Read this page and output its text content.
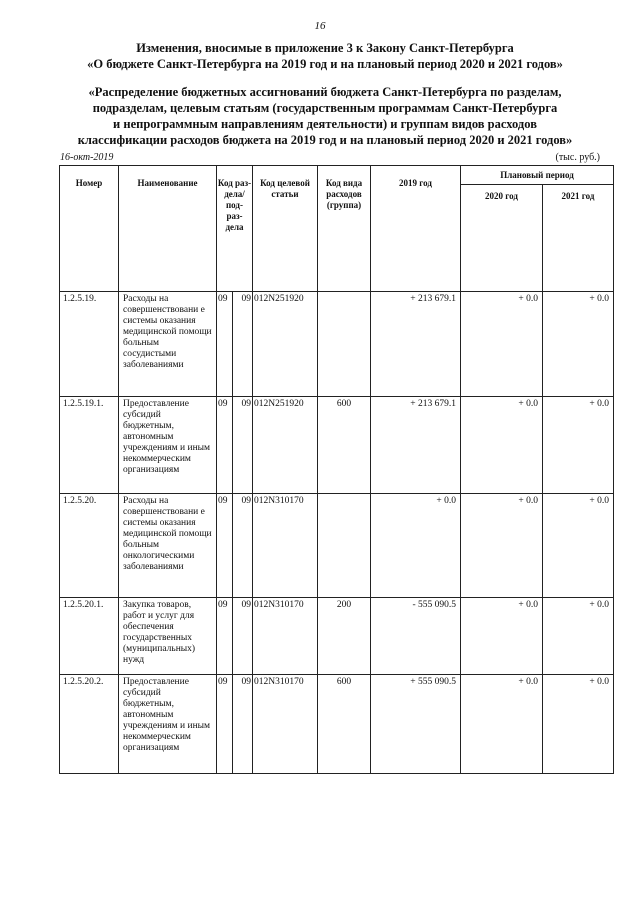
16
Изменения, вносимые в приложение 3 к Закону Санкт-Петербурга
«О бюджете Санкт-Петербурга на 2019 год и на плановый период 2020 и 2021 годов»
«Распределение бюджетных ассигнований бюджета Санкт-Петербурга по разделам,
подразделам, целевым статьям (государственным программам Санкт-Петербурга
и непрограммным направлениям деятельности) и группам видов расходов
классификации расходов бюджета на 2019 год и на плановый период 2020 и 2021 годов»
16-окт-2019	(тыс. руб.)
Номер	Наименование	Код раз- дела/ под- раз- дела		Код целевой статьи	Код вида расходов (группа)	2019 год	Плановый период	
							2020 год	2021 год
1.2.5.19.	Расходы на совершенствовани е системы оказания медицинской помощи больным сосудистыми заболеваниями	09	09	012N251920		+ 213 679.1	+ 0.0	+ 0.0
1.2.5.19.1.	Предоставление субсидий бюджетным, автономным учреждениям и иным некоммерческим организациям	09	09	012N251920	600	+ 213 679.1	+ 0.0	+ 0.0
1.2.5.20.	Расходы на совершенствовани е системы оказания медицинской помощи больным онкологическими заболеваниями	09	09	012N310170		+ 0.0	+ 0.0	+ 0.0
1.2.5.20.1.	Закупка товаров, работ и услуг для обеспечения государственных (муниципальных) нужд	09	09	012N310170	200	- 555 090.5	+ 0.0	+ 0.0
1.2.5.20.2.	Предоставление субсидий бюджетным, автономным учреждениям и иным некоммерческим организациям	09	09	012N310170	600	+ 555 090.5	+ 0.0	+ 0.0
